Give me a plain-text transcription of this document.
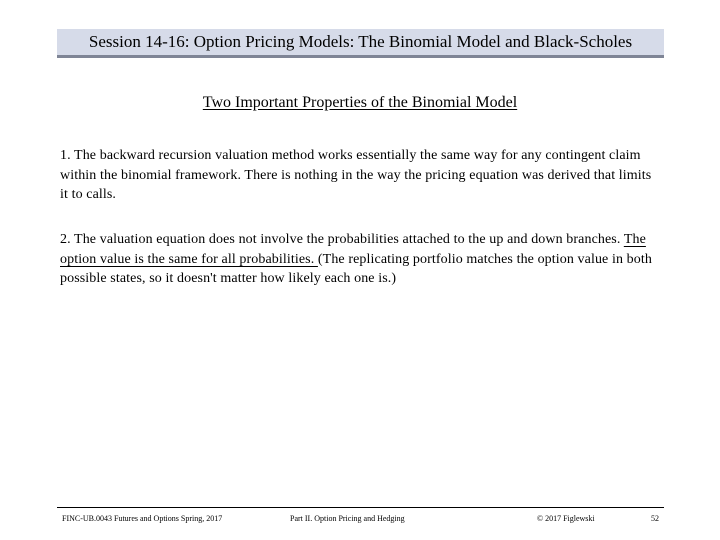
Session 14-16: Option Pricing Models: The Binomial Model and Black-Scholes
Two Important Properties of the Binomial Model
1. The backward recursion valuation method works essentially the same way for any contingent claim within the binomial framework. There is nothing in the way the pricing equation was derived that limits it to calls.
2. The valuation equation does not involve the probabilities attached to the up and down branches. The option value is the same for all probabilities. (The replicating portfolio matches the option value in both possible states, so it doesn't matter how likely each one is.)
FINC-UB.0043 Futures and Options Spring, 2017	Part II. Option Pricing and Hedging	© 2017 Figlewski	52
